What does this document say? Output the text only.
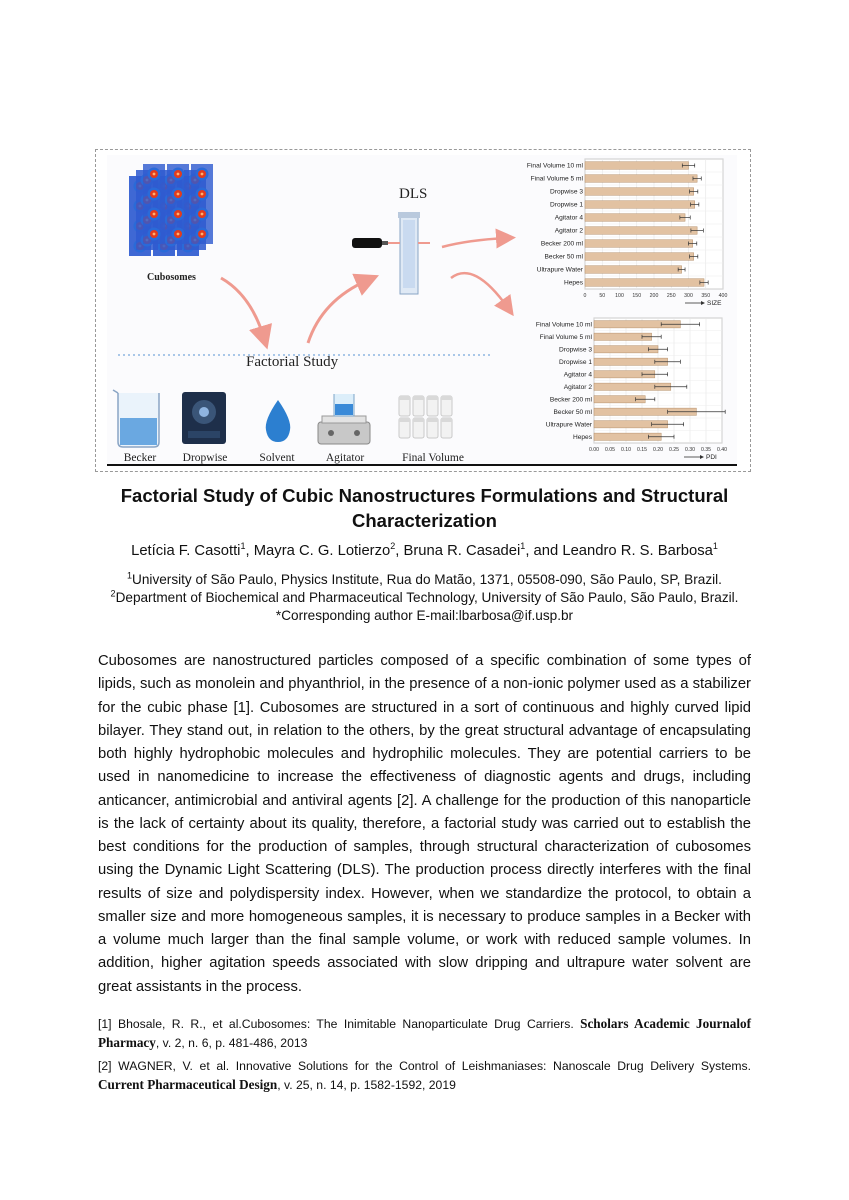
Cubosomes
DLS
Factorial Study
Becker Dropwise	Solvent	Agitator	Final Volume
0 50 100 150 200 250 300 350 400
Final Volume 10 ml
Final Volume 5 ml
Dropwise 3
Dropwise 1
Agitator 4
Agitator 2
Becker 200 ml
Becker 50 ml
Ultrapure Water
Hepes
SIZE
0.00 0.05 0.10 0.15 0.20 0.25 0.30 0.35 0.40
Final Volume 10 ml
Final Volume 5 ml
Dropwise 3
Dropwise 1
Agitator 4
Agitator 2
Becker 200 ml
Becker 50 ml
Ultrapure Water
Hepes
PDI
Factorial Study of Cubic Nanostructures Formulations and Structural Characterization
Letícia F. Casotti$^1$, Mayra C. G. Lotierzo$^2$, Bruna R. Casadei$^1$, and Leandro R. S. Barbosa$^1$
$^1$University of São Paulo, Physics Institute, Rua do Matão, 1371, 05508-090, São Paulo, SP, Brazil.
$^2$Department of Biochemical and Pharmaceutical Technology, University of São Paulo, São Paulo, Brazil.
*Corresponding author E-mail:lbarbosa@if.usp.br
Cubosomes are nanostructured particles composed of a specific combination of some types of lipids, such as monolein and phyanthriol, in the presence of a non-ionic polymer used as a stabilizer for the cubic phase [1]. Cubosomes are structured in a sort of continuous and highly curved lipid bilayer. They stand out, in relation to the others, by the great structural advantage of encapsulating both highly hydrophobic molecules and hydrophilic molecules. They are potential carriers to be used in nanomedicine to increase the effectiveness of diagnostic agents and drugs, including anticancer, antimicrobial and antiviral agents [2]. A challenge for the production of this nanoparticle is the lack of certainty about its quality, therefore, a factorial study was carried out to establish the best conditions for the production of samples, through structural characterization of cubosomes using the Dynamic Light Scattering (DLS). The production process directly interferes with the final results of size and polydispersity index. However, when we standardize the protocol, to obtain a smaller size and more homogeneous samples, it is necessary to produce samples in a Becker with a volume much larger than the final sample volume, or work with reduced sample volumes. In addition, higher agitation speeds associated with slow dripping and ultrapure water solvent are great assistants in the process.

[1] Bhosale, R. R., et al.Cubosomes: The Inimitable Nanoparticulate Drug Carriers. Scholars Academic Journalof Pharmacy, v. 2, n. 6, p. 481-486, 2013

[2] WAGNER, V. et al. Innovative Solutions for the Control of Leishmaniases: Nanoscale Drug Delivery Systems. Current Pharmaceutical Design, v. 25, n. 14, p. 1582-1592, 2019
